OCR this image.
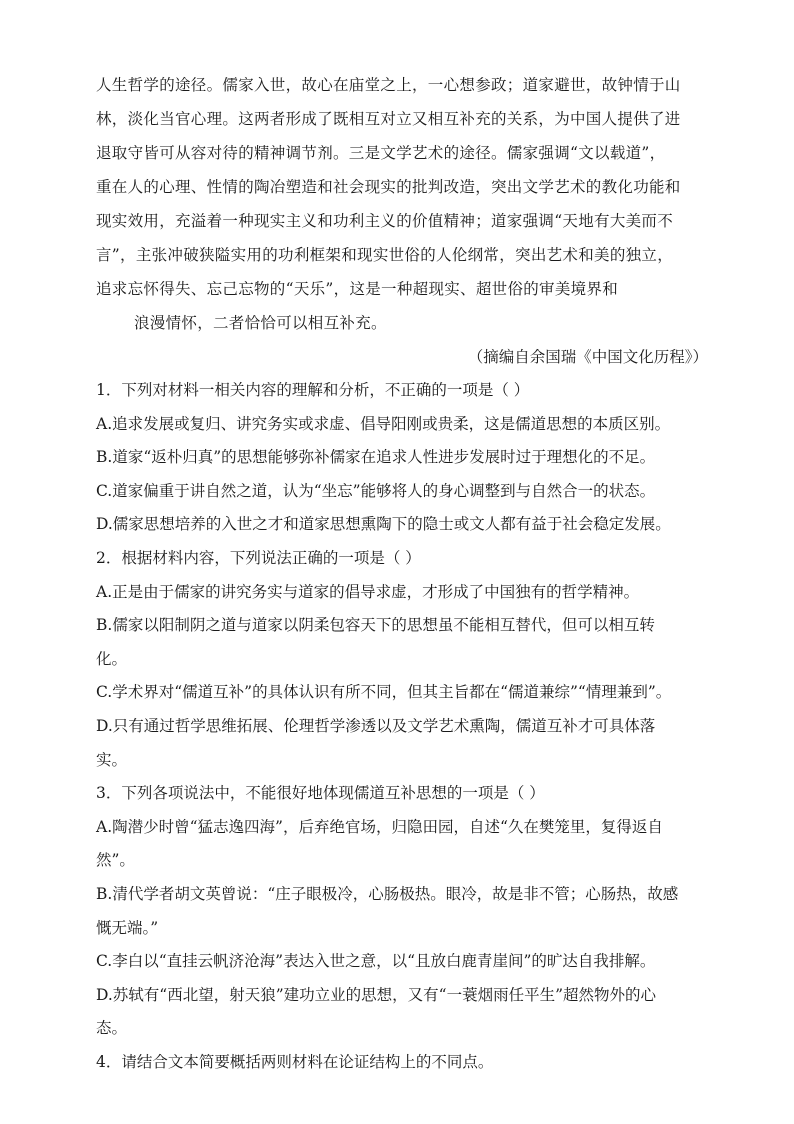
人生哲学的途径。儒家入世，故心在庙堂之上，一心想参政；道家避世，故钟情于山

林，淡化当官心理。这两者形成了既相互对立又相互补充的关系，为中国人提供了进

退取守皆可从容对待的精神调节剂。三是文学艺术的途径。儒家强调“文以载道”，

重在人的心理、性情的陶冶塑造和社会现实的批判改造，突出文学艺术的教化功能和

现实效用，充溢着一种现实主义和功利主义的价值精神；道家强调“天地有大美而不

言”，主张冲破狭隘实用的功利框架和现实世俗的人伦纲常，突出艺术和美的独立，

追求忘怀得失、忘己忘物的“天乐”，这是一种超现实、超世俗的审美境界和

浪漫情怀，二者恰恰可以相互补充。

（摘编自余国瑞《中国文化历程》）

1．下列对材料一相关内容的理解和分析，不正确的一项是（ ）

A.追求发展或复归、讲究务实或求虚、倡导阳刚或贵柔，这是儒道思想的本质区别。

B.道家“返朴归真”的思想能够弥补儒家在追求人性进步发展时过于理想化的不足。

C.道家偏重于讲自然之道，认为“坐忘”能够将人的身心调整到与自然合一的状态。

D.儒家思想培养的入世之才和道家思想熏陶下的隐士或文人都有益于社会稳定发展。

2．根据材料内容，下列说法正确的一项是（ ）

A.正是由于儒家的讲究务实与道家的倡导求虚，才形成了中国独有的哲学精神。

B.儒家以阳制阴之道与道家以阴柔包容天下的思想虽不能相互替代，但可以相互转

化。

C.学术界对“儒道互补”的具体认识有所不同，但其主旨都在“儒道兼综”“情理兼到”。

D.只有通过哲学思维拓展、伦理哲学渗透以及文学艺术熏陶，儒道互补才可具体落

实。

3．下列各项说法中，不能很好地体现儒道互补思想的一项是（ ）

A.陶潜少时曾“猛志逸四海”，后弃绝官场，归隐田园，自述“久在樊笼里，复得返自

然”。

B.清代学者胡文英曾说：“庄子眼极冷，心肠极热。眼冷，故是非不管；心肠热，故感

慨无端。”

C.李白以“直挂云帆济沧海”表达入世之意，以“且放白鹿青崖间”的旷达自我排解。

D.苏轼有“西北望，射天狼”建功立业的思想，又有“一蓑烟雨任平生”超然物外的心

态。

4．请结合文本简要概括两则材料在论证结构上的不同点。
